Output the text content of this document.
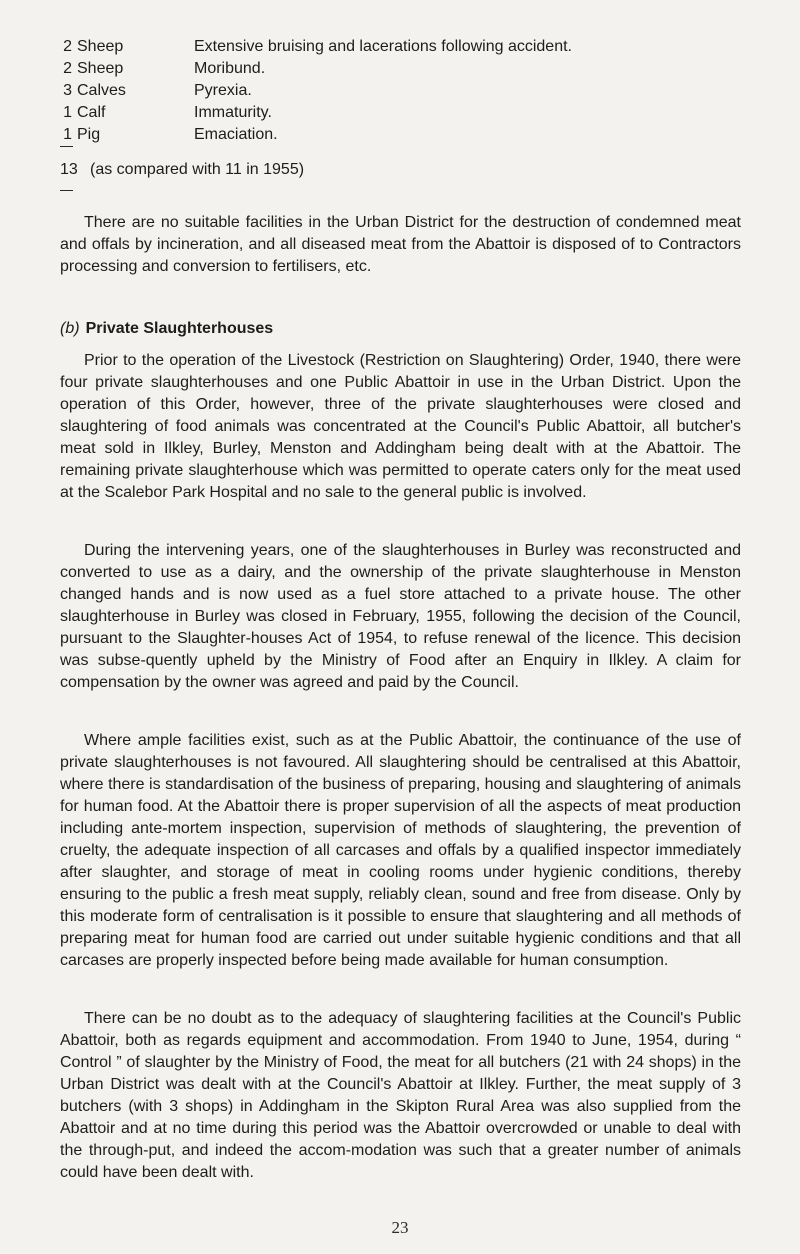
2 Sheep	Extensive bruising and lacerations following accident.
2 Sheep	Moribund.
3 Calves	Pyrexia.
1 Calf	Immaturity.
1 Pig	Emaciation.
13 (as compared with 11 in 1955)

There are no suitable facilities in the Urban District for the destruction of condemned meat and offals by incineration, and all diseased meat from the Abattoir is disposed of to Contractors processing and conversion to fertilisers, etc.

(b) Private Slaughterhouses

Prior to the operation of the Livestock (Restriction on Slaughtering) Order, 1940, there were four private slaughterhouses and one Public Abattoir in use in the Urban District. Upon the operation of this Order, however, three of the private slaughterhouses were closed and slaughtering of food animals was concentrated at the Council's Public Abattoir, all butcher's meat sold in Ilkley, Burley, Menston and Addingham being dealt with at the Abattoir. The remaining private slaughterhouse which was permitted to operate caters only for the meat used at the Scalebor Park Hospital and no sale to the general public is involved.

During the intervening years, one of the slaughterhouses in Burley was reconstructed and converted to use as a dairy, and the ownership of the private slaughterhouse in Menston changed hands and is now used as a fuel store attached to a private house. The other slaughterhouse in Burley was closed in February, 1955, following the decision of the Council, pursuant to the Slaughter-houses Act of 1954, to refuse renewal of the licence. This decision was subse-quently upheld by the Ministry of Food after an Enquiry in Ilkley. A claim for compensation by the owner was agreed and paid by the Council.

Where ample facilities exist, such as at the Public Abattoir, the continuance of the use of private slaughterhouses is not favoured. All slaughtering should be centralised at this Abattoir, where there is standardisation of the business of preparing, housing and slaughtering of animals for human food. At the Abattoir there is proper supervision of all the aspects of meat production including ante-mortem inspection, supervision of methods of slaughtering, the prevention of cruelty, the adequate inspection of all carcases and offals by a qualified inspector immediately after slaughter, and storage of meat in cooling rooms under hygienic conditions, thereby ensuring to the public a fresh meat supply, reliably clean, sound and free from disease. Only by this moderate form of centralisation is it possible to ensure that slaughtering and all methods of preparing meat for human food are carried out under suitable hygienic conditions and that all carcases are properly inspected before being made available for human consumption.

There can be no doubt as to the adequacy of slaughtering facilities at the Council's Public Abattoir, both as regards equipment and accommodation. From 1940 to June, 1954, during “ Control ” of slaughter by the Ministry of Food, the meat for all butchers (21 with 24 shops) in the Urban District was dealt with at the Council's Abattoir at Ilkley. Further, the meat supply of 3 butchers (with 3 shops) in Addingham in the Skipton Rural Area was also supplied from the Abattoir and at no time during this period was the Abattoir overcrowded or unable to deal with the through-put, and indeed the accom-modation was such that a greater number of animals could have been dealt with.

23
